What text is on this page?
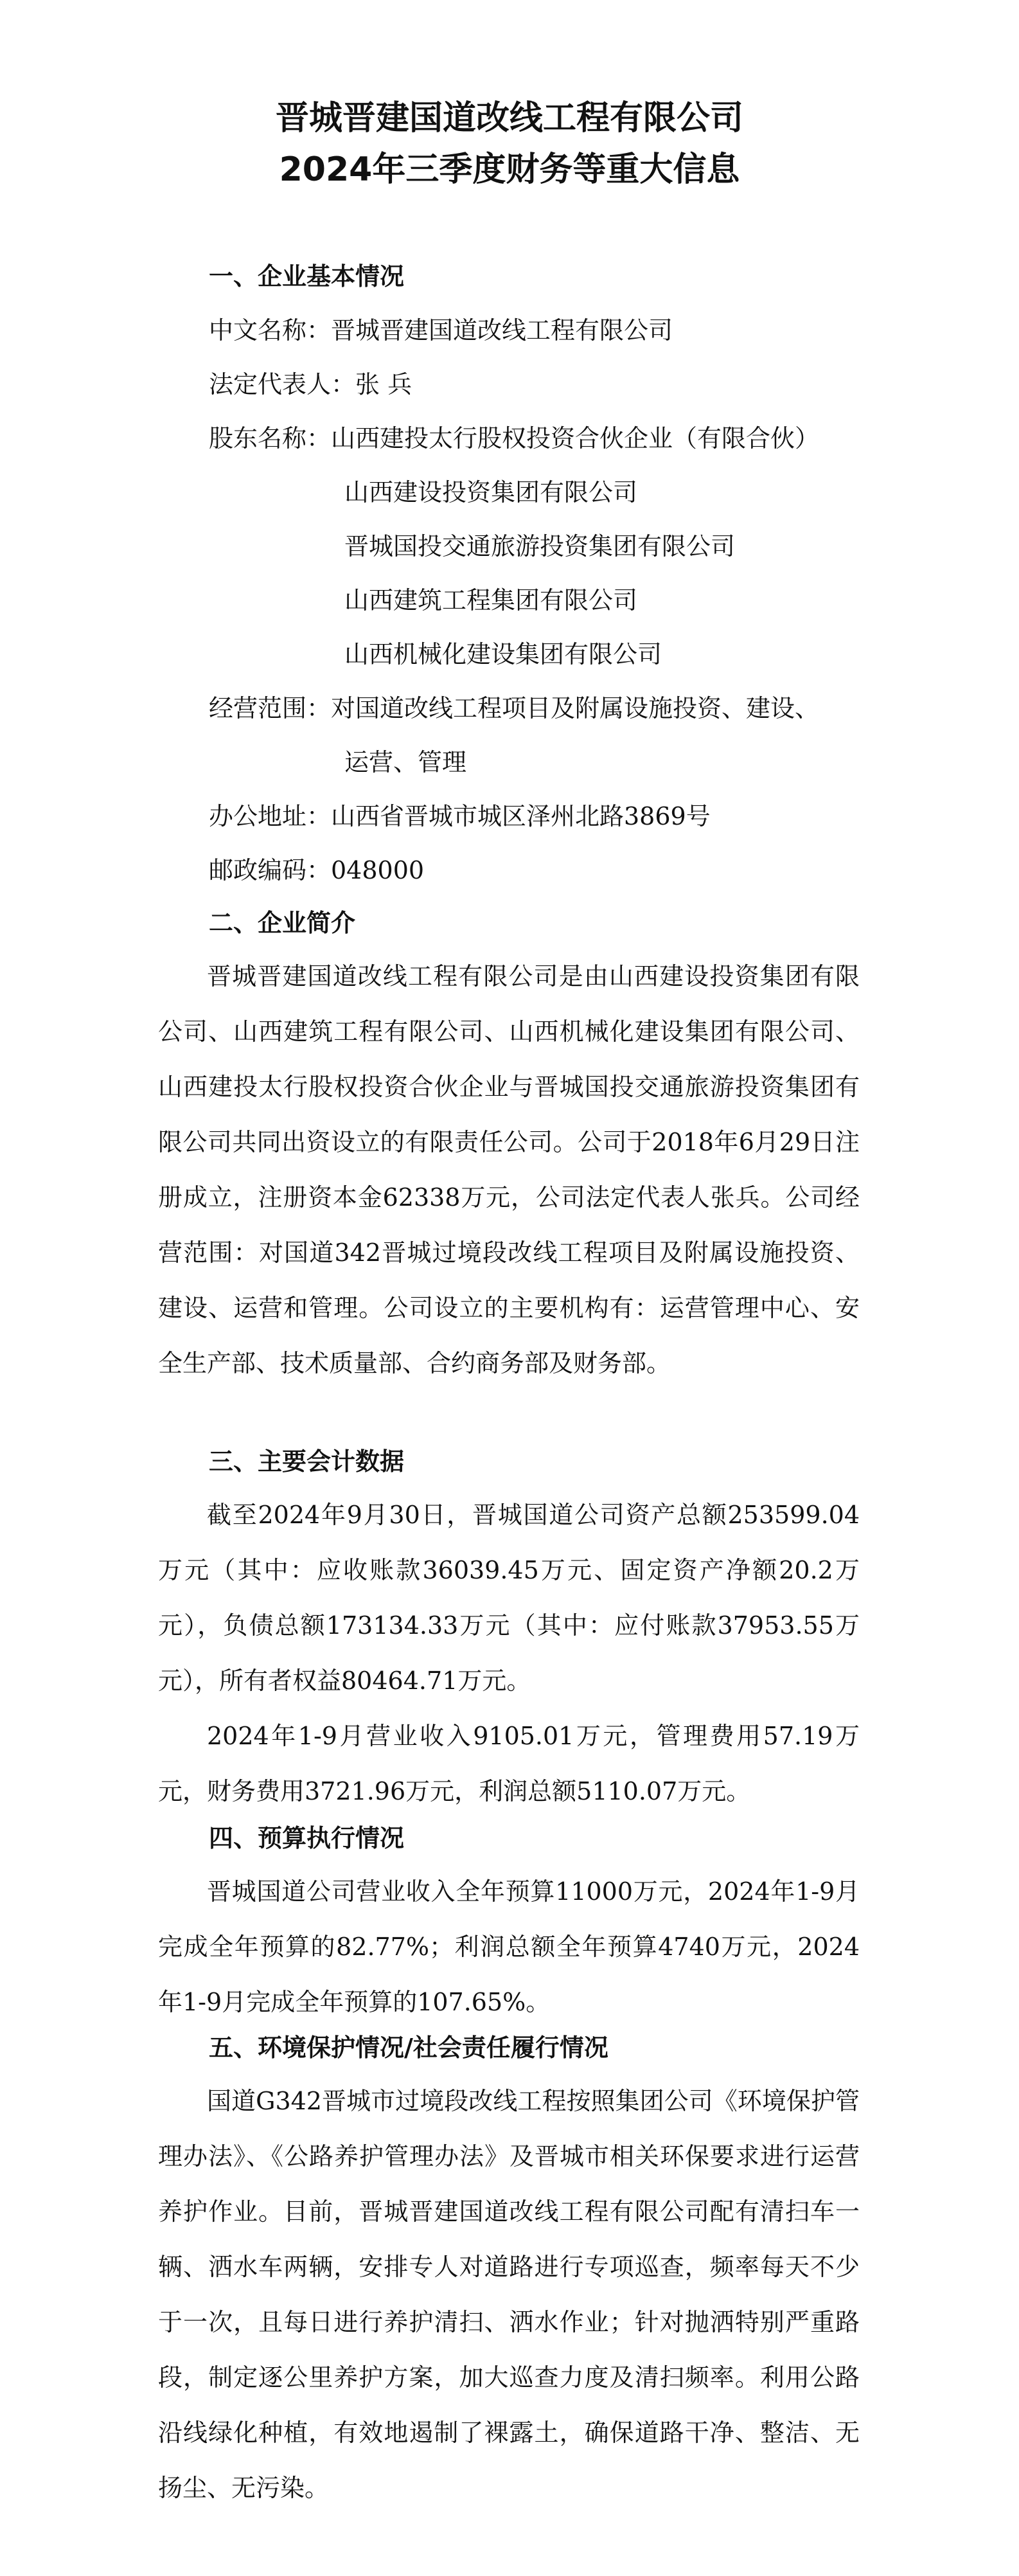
晋城晋建国道改线工程有限公司
2024年三季度财务等重大信息
一、企业基本情况
中文名称：晋城晋建国道改线工程有限公司
法定代表人：张 兵
股东名称：山西建投太行股权投资合伙企业（有限合伙）
山西建设投资集团有限公司
晋城国投交通旅游投资集团有限公司
山西建筑工程集团有限公司
山西机械化建设集团有限公司
经营范围：对国道改线工程项目及附属设施投资、建设、
运营、管理
办公地址：山西省晋城市城区泽州北路3869号
邮政编码：048000
二、企业简介
晋城晋建国道改线工程有限公司是由山西建设投资集团有限公司、山西建筑工程有限公司、山西机械化建设集团有限公司、山西建投太行股权投资合伙企业与晋城国投交通旅游投资集团有限公司共同出资设立的有限责任公司。公司于2018年6月29日注册成立，注册资本金62338万元，公司法定代表人张兵。公司经营范围：对国道342晋城过境段改线工程项目及附属设施投资、建设、运营和管理。公司设立的主要机构有：运营管理中心、安全生产部、技术质量部、合约商务部及财务部。
三、主要会计数据
截至2024年9月30日，晋城国道公司资产总额253599.04万元（其中：应收账款36039.45万元、固定资产净额20.2万元），负债总额173134.33万元（其中：应付账款37953.55万元），所有者权益80464.71万元。
2024年1-9月营业收入9105.01万元，管理费用57.19万元，财务费用3721.96万元，利润总额5110.07万元。
四、预算执行情况
晋城国道公司营业收入全年预算11000万元，2024年1-9月完成全年预算的82.77%；利润总额全年预算4740万元，2024年1-9月完成全年预算的107.65%。
五、环境保护情况/社会责任履行情况
国道G342晋城市过境段改线工程按照集团公司《环境保护管理办法》、《公路养护管理办法》及晋城市相关环保要求进行运营养护作业。目前，晋城晋建国道改线工程有限公司配有清扫车一辆、洒水车两辆，安排专人对道路进行专项巡查，频率每天不少于一次，且每日进行养护清扫、洒水作业；针对抛洒特别严重路段，制定逐公里养护方案，加大巡查力度及清扫频率。利用公路沿线绿化种植，有效地遏制了裸露土，确保道路干净、整洁、无扬尘、无污染。
